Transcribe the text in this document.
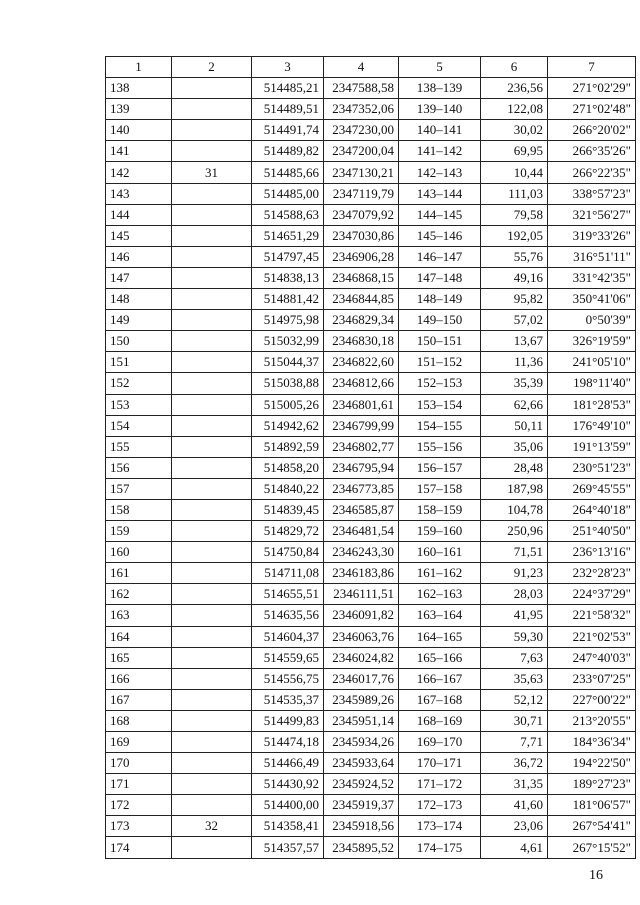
1	2	3	4	5	6	7
138		514485,21	2347588,58	138–139	236,56	271°02'29"
139		514489,51	2347352,06	139–140	122,08	271°02'48"
140		514491,74	2347230,00	140–141	30,02	266°20'02"
141		514489,82	2347200,04	141–142	69,95	266°35'26"
142	31	514485,66	2347130,21	142–143	10,44	266°22'35"
143		514485,00	2347119,79	143–144	111,03	338°57'23"
144		514588,63	2347079,92	144–145	79,58	321°56'27"
145		514651,29	2347030,86	145–146	192,05	319°33'26"
146		514797,45	2346906,28	146–147	55,76	316°51'11"
147		514838,13	2346868,15	147–148	49,16	331°42'35"
148		514881,42	2346844,85	148–149	95,82	350°41'06"
149		514975,98	2346829,34	149–150	57,02	0°50'39"
150		515032,99	2346830,18	150–151	13,67	326°19'59"
151		515044,37	2346822,60	151–152	11,36	241°05'10"
152		515038,88	2346812,66	152–153	35,39	198°11'40"
153		515005,26	2346801,61	153–154	62,66	181°28'53"
154		514942,62	2346799,99	154–155	50,11	176°49'10"
155		514892,59	2346802,77	155–156	35,06	191°13'59"
156		514858,20	2346795,94	156–157	28,48	230°51'23"
157		514840,22	2346773,85	157–158	187,98	269°45'55"
158		514839,45	2346585,87	158–159	104,78	264°40'18"
159		514829,72	2346481,54	159–160	250,96	251°40'50"
160		514750,84	2346243,30	160–161	71,51	236°13'16"
161		514711,08	2346183,86	161–162	91,23	232°28'23"
162		514655,51	2346111,51	162–163	28,03	224°37'29"
163		514635,56	2346091,82	163–164	41,95	221°58'32"
164		514604,37	2346063,76	164–165	59,30	221°02'53"
165		514559,65	2346024,82	165–166	7,63	247°40'03"
166		514556,75	2346017,76	166–167	35,63	233°07'25"
167		514535,37	2345989,26	167–168	52,12	227°00'22"
168		514499,83	2345951,14	168–169	30,71	213°20'55"
169		514474,18	2345934,26	169–170	7,71	184°36'34"
170		514466,49	2345933,64	170–171	36,72	194°22'50"
171		514430,92	2345924,52	171–172	31,35	189°27'23"
172		514400,00	2345919,37	172–173	41,60	181°06'57"
173	32	514358,41	2345918,56	173–174	23,06	267°54'41"
174		514357,57	2345895,52	174–175	4,61	267°15'52"
16
